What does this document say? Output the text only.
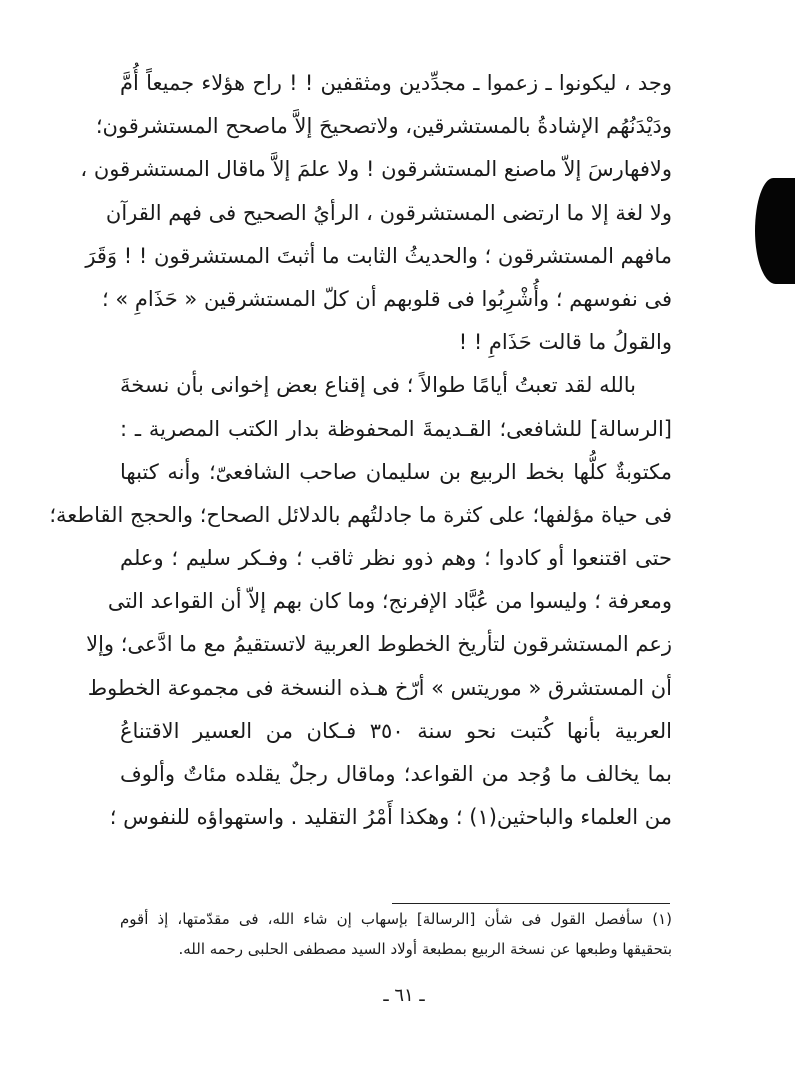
وجد ، ليكونوا ـ زعموا ـ مجدِّدين ومثقفين ! ! راح هؤلاء جميعاً أُمَّ
ودَيْدَنُهُم الإشادةُ بالمستشرقين، ولاتصحيحَ إلاَّ ماصحح المستشرقون؛
ولافهارسَ إلاّ ماصنع المستشرقون ! ولا علمَ إلاَّ ماقال المستشرقون ،
ولا لغة إلا ما ارتضى المستشرقون ، الرأيُ الصحيح فى فهم القرآن
مافهم المستشرقون ؛ والحديثُ الثابت ما أثبتَ المستشرقون ! ! وَقَرَ
فى نفوسهم ؛ وأُشْرِبُوا فى قلوبهم أن كلّ المستشرقين « حَذَامِ » ؛
والقولُ ما قالت حَذَامِ ! !
بالله لقد تعبتُ أيامًا طوالاً ؛ فى إقناع بعض إخوانى بأن نسخةَ
[الرسالة] للشافعى؛ القـديمةَ المحفوظة بدار الكتب المصرية ـ :
مكتوبةٌ كلُّها بخط الربيع بن سليمان صاحب الشافعىّ؛ وأنه كتبها
فى حياة مؤلفها؛ على كثرة ما جادلتُهم بالدلائل الصحاح؛ والحجج القاطعة؛
حتى اقتنعوا أو كادوا ؛ وهم ذوو نظر ثاقب ؛ وفـكر سليم ؛ وعلم
ومعرفة ؛ وليسوا من عُبَّاد الإفرنج؛ وما كان بهم إلاّ أن القواعد التى
زعم المستشرقون لتأريخ الخطوط العربية لاتستقيمُ مع ما ادَّعى؛ وإلا
أن المستشرق « موريتس » أرّخ هـذه النسخة فى مجموعة الخطوط
العربية بأنها كُتبت نحو سنة ٣٥٠ فـكان من العسير الاقتناعُ
بما يخالف ما وُجد من القواعد؛ وماقال رجلٌ يقلده مئاتٌ وألوف
من العلماء والباحثين(١) ؛ وهكذا أَمْرُ التقليد . واستهواؤه للنفوس ؛
(١) سأفصل القول فى شأن [الرسالة] بإسهاب إن شاء الله، فى مقدّمتها، إذ أقوم
بتحقيقها وطبعها عن نسخة الربيع بمطبعة أولاد السيد مصطفى الحلبى رحمه الله.
ـ ٦١ ـ
